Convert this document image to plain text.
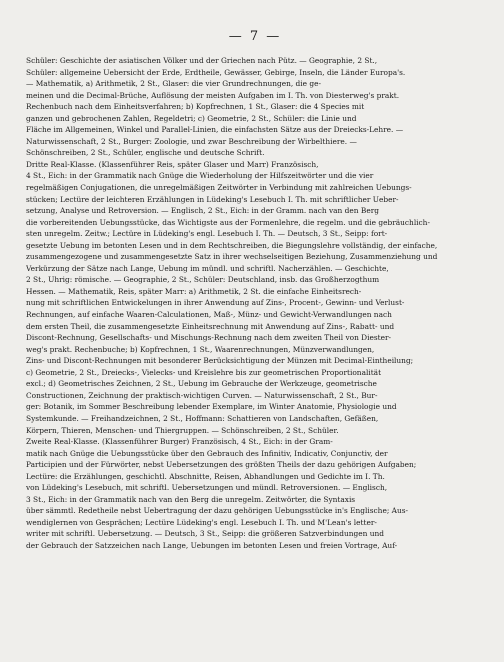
— 7 —
Schüler: Geschichte der asiatischen Völker und der Griechen nach Pütz. — Geographie, 2 St.,
Schüler: allgemeine Uebersicht der Erde, Erdtheile, Gewässer, Gebirge, Inseln, die Länder Europa's.
— Mathematik, a) Arithmetik, 2 St., Glaser: die vier Grundrechnungen, die ge-
meinen und die Decimal-Brüche, Auflösung der meisten Aufgaben im I. Th. von Diesterweg's prakt.
Rechenbuch nach dem Einheitsverfahren; b) Kopfrechnen, 1 St., Glaser: die 4 Species mit
ganzen und gebrochenen Zahlen, Regeldetri; c) Geometrie, 2 St., Schüler: die Linie und
Fläche im Allgemeinen, Winkel und Parallel-Linien, die einfachsten Sätze aus der Dreiecks-Lehre. —
Naturwissenschaft, 2 St., Burger: Zoologie, und zwar Beschreibung der Wirbelthiere. —
Schönschreiben, 2 St., Schüler, englische und deutsche Schrift.
Dritte Real-Klasse. (Klassenführer Reis, später Glaser und Marr) Französisch,
4 St., Eich: in der Grammatik nach Gnüge die Wiederholung der Hilfszeitwörter und die vier
regelmäßigen Conjugationen, die unregelmäßigen Zeitwörter in Verbindung mit zahlreichen Uebungs-
stücken; Lectüre der leichteren Erzählungen in Lüdeking's Lesebuch I. Th. mit schriftlicher Ueber-
setzung, Analyse und Retroversion. — Englisch, 2 St., Eich: in der Gramm. nach van den Berg
die vorbereitenden Uebungsstücke, das Wichtigste aus der Formenlehre, die regelm. und die gebräuchlich-
sten unregelm. Zeitw.; Lectüre in Lüdeking's engl. Lesebuch I. Th. — Deutsch, 3 St., Seipp: fort-
gesetzte Uebung im betonten Lesen und in dem Rechtschreiben, die Biegungslehre vollständig, der einfache,
zusammengezogene und zusammengesetzte Satz in ihrer wechselseitigen Beziehung, Zusammenziehung und
Verkürzung der Sätze nach Lange, Uebung im mündl. und schriftl. Nacherzählen. — Geschichte,
2 St., Uhrig: römische. — Geographie, 2 St., Schüler: Deutschland, insb. das Großherzogthum
Hessen. — Mathematik, Reis, später Marr: a) Arithmetik, 2 St. die einfache Einheitsrech-
nung mit schriftlichen Entwickelungen in ihrer Anwendung auf Zins-, Procent-, Gewinn- und Verlust-
Rechnungen, auf einfache Waaren-Calculationen, Maß-, Münz- und Gewicht-Verwandlungen nach
dem ersten Theil, die zusammengesetzte Einheitsrechnung mit Anwendung auf Zins-, Rabatt- und
Discont-Rechnung, Gesellschafts- und Mischungs-Rechnung nach dem zweiten Theil von Diester-
weg's prakt. Rechenbuche; b) Kopfrechnen, 1 St., Waarenrechnungen, Münzverwandlungen,
Zins- und Discont-Rechnungen mit besonderer Berücksichtigung der Münzen mit Decimal-Eintheilung;
c) Geometrie, 2 St., Dreiecks-, Vielecks- und Kreislehre bis zur geometrischen Proportionalität
excl.; d) Geometrisches Zeichnen, 2 St., Uebung im Gebrauche der Werkzeuge, geometrische
Constructionen, Zeichnung der praktisch-wichtigen Curven. — Naturwissenschaft, 2 St., Bur-
ger: Botanik, im Sommer Beschreibung lebender Exemplare, im Winter Anatomie, Physiologie und
Systemkunde. — Freihandzeichnen, 2 St., Hoffmann: Schattieren von Landschaften, Gefäßen,
Körpern, Thieren, Menschen- und Thiergruppen. — Schönschreiben, 2 St., Schüler.
Zweite Real-Klasse. (Klassenführer Burger) Französisch, 4 St., Eich: in der Gram-
matik nach Gnüge die Uebungsstücke über den Gebrauch des Infinitiv, Indicativ, Conjunctiv, der
Participien und der Fürwörter, nebst Uebersetzungen des größten Theils der dazu gehörigen Aufgaben;
Lectüre: die Erzählungen, geschichtl. Abschnitte, Reisen, Abhandlungen und Gedichte im I. Th.
von Lüdeking's Lesebuch, mit schriftl. Uebersetzungen und mündl. Retroversionen. — Englisch,
3 St., Eich: in der Grammatik nach van den Berg die unregelm. Zeitwörter, die Syntaxis
über sämmtl. Redetheile nebst Uebertragung der dazu gehörigen Uebungsstücke in's Englische; Aus-
wendiglernen von Gesprächen; Lectüre Lüdeking's engl. Lesebuch I. Th. und M'Lean's letter-
writer mit schriftl. Uebersetzung. — Deutsch, 3 St., Seipp: die größeren Satzverbindungen und
der Gebrauch der Satzzeichen nach Lange, Uebungen im betonten Lesen und freien Vortrage, Auf-
